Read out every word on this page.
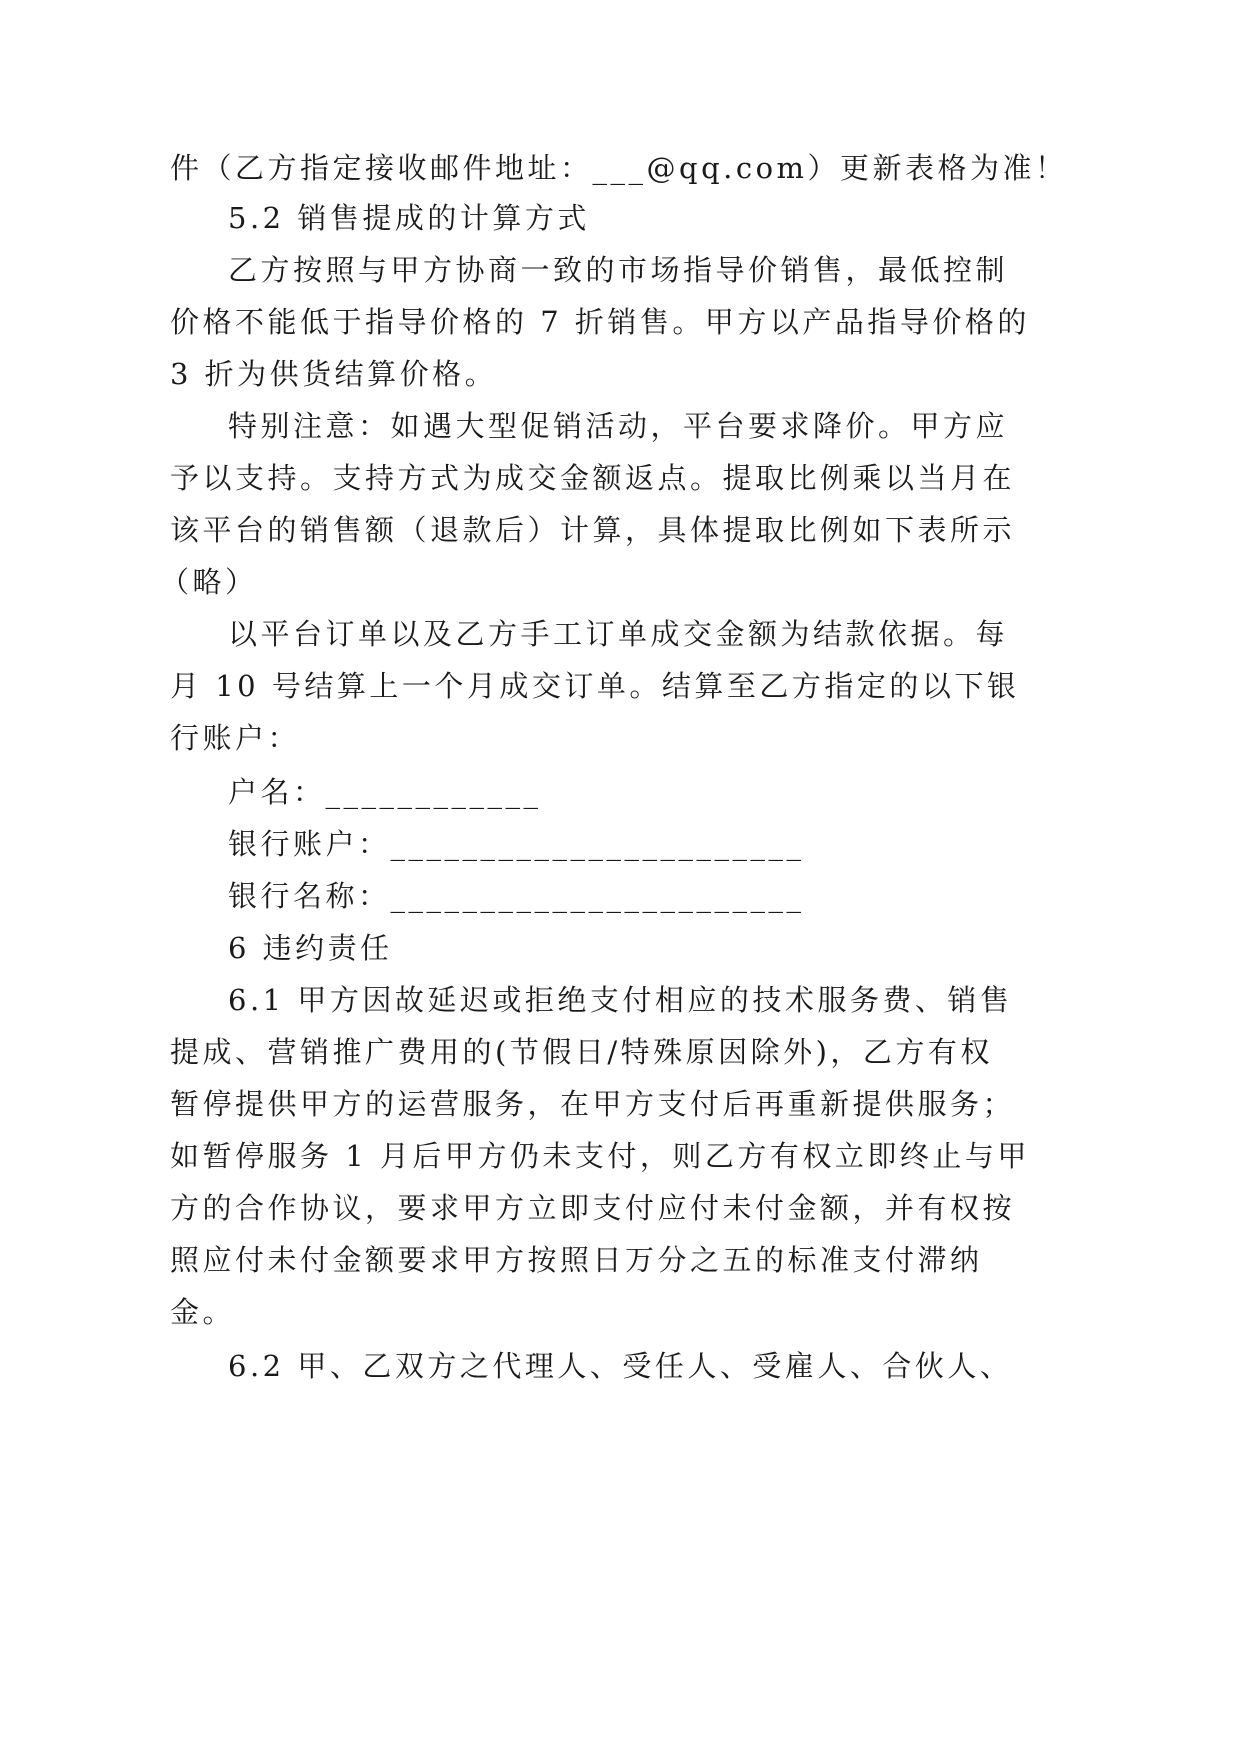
件（乙方指定接收邮件地址：___@qq.com）更新表格为准！
5.2 销售提成的计算方式
乙方按照与甲方协商一致的市场指导价销售，最低控制
价格不能低于指导价格的 7 折销售。甲方以产品指导价格的
3 折为供货结算价格。
特别注意：如遇大型促销活动，平台要求降价。甲方应
予以支持。支持方式为成交金额返点。提取比例乘以当月在
该平台的销售额（退款后）计算，具体提取比例如下表所示
（略）
以平台订单以及乙方手工订单成交金额为结款依据。每
月 10 号结算上一个月成交订单。结算至乙方指定的以下银
行账户：
户名：____________
银行账户：_______________________
银行名称：_______________________
6 违约责任
6.1 甲方因故延迟或拒绝支付相应的技术服务费、销售
提成、营销推广费用的(节假日/特殊原因除外)，乙方有权
暂停提供甲方的运营服务，在甲方支付后再重新提供服务；
如暂停服务 1 月后甲方仍未支付，则乙方有权立即终止与甲
方的合作协议，要求甲方立即支付应付未付金额，并有权按
照应付未付金额要求甲方按照日万分之五的标准支付滞纳
金。
6.2 甲、乙双方之代理人、受任人、受雇人、合伙人、
